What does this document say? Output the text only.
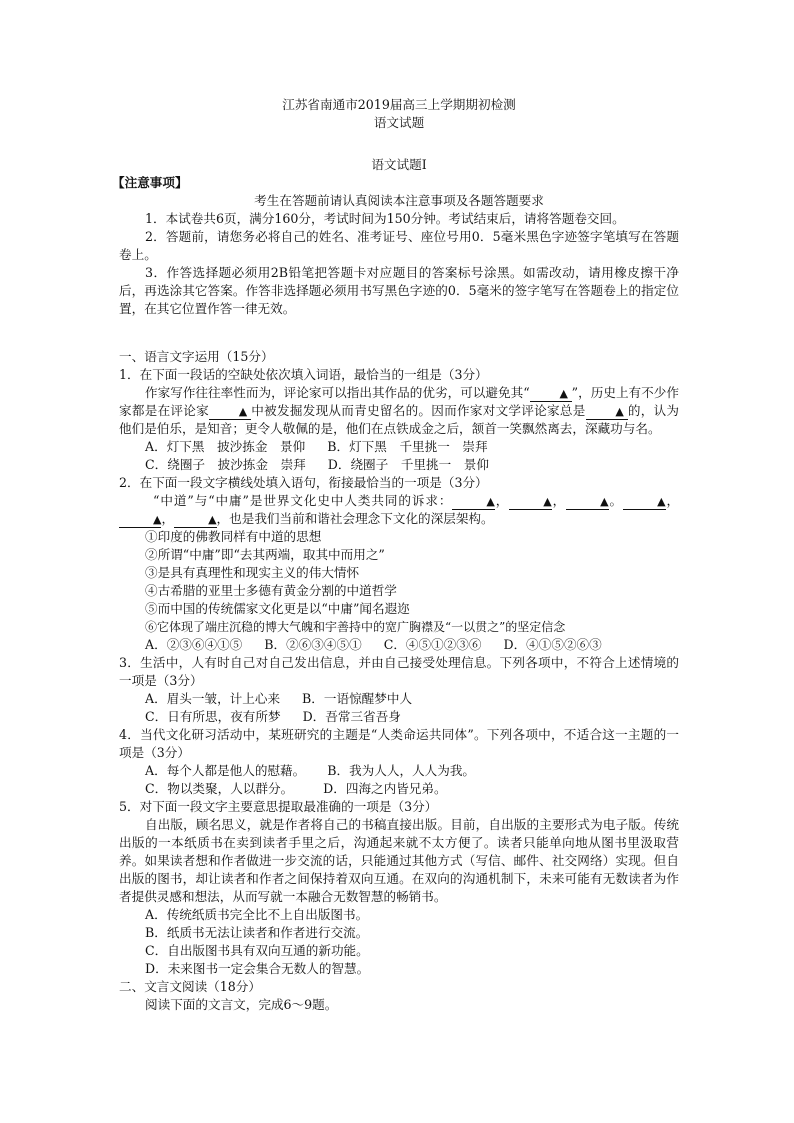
江苏省南通市2019届高三上学期期初检测
语文试题
语文试题Ⅰ
【注意事项】
考生在答题前请认真阅读本注意事项及各题答题要求
1．本试卷共6页，满分160分，考试时间为150分钟。考试结束后，请将答题卷交回。
2．答题前，请您务必将自己的姓名、准考证号、座位号用0．5毫米黑色字迹签字笔填写在答题卷上。
3．作答选择题必须用2B铅笔把答题卡对应题目的答案标号涂黑。如需改动，请用橡皮擦干净后，再选涂其它答案。作答非选择题必须用书写黑色字迹的0．5毫米的签字笔写在答题卷上的指定位置，在其它位置作答一律无效。
一、语言文字运用（15分）
1．在下面一段话的空缺处依次填入词语，最恰当的一组是（3分）
作家写作往往率性而为，评论家可以指出其作品的优劣，可以避免其“	▲ ”，历史上有不少作家都是在评论家	▲ 中被发掘发现从而青史留名的。因而作家对文学评论家总是	▲ 的，认为他们是伯乐，是知音；更令人敬佩的是，他们在点铁成金之后，颔首一笑飘然离去，深藏功与名。
A．灯下黑　披沙拣金　景仰 B．灯下黑　千里挑一　崇拜
C．绕圈子　披沙拣金　崇拜 D．绕圈子　千里挑一　景仰
2．在下面一段文字横线处填入语句，衔接最恰当的一项是（3分）
“中道”与“中庸”是世界文化史中人类共同的诉求：	▲，	▲，	▲。	▲，▲，	▲，也是我们当前和谐社会理念下文化的深层架构。
①印度的佛教同样有中道的思想
②所谓“中庸”即“去其两端，取其中而用之”
③是具有真理性和现实主义的伟大情怀
④古希腊的亚里士多德有黄金分割的中道哲学
⑤而中国的传统儒家文化更是以“中庸”闻名遐迩
⑥它体现了端庄沉稳的博大气魄和宇善持中的宽广胸襟及“一以贯之”的坚定信念
A．②③⑥④①⑤ B．②⑥③④⑤① C．④⑤①②③⑥ D．④①⑤②⑥③
3．生活中，人有时自己对自己发出信息，并由自己接受处理信息。下列各项中，不符合上述情境的一项是（3分）
A．眉头一皱，计上心来 B．一语惊醒梦中人
C．日有所思，夜有所梦 D．吾常三省吾身
4．当代文化研习活动中，某班研究的主题是“人类命运共同体”。下列各项中，不适合这一主题的一项是（3分）
A．每个人都是他人的慰藉。 B．我为人人，人人为我。
C．物以类聚，人以群分。 D．四海之内皆兄弟。
5．对下面一段文字主要意思提取最准确的一项是（3分）
自出版，顾名思义，就是作者将自己的书稿直接出版。目前，自出版的主要形式为电子版。传统出版的一本纸质书在卖到读者手里之后，沟通起来就不太方便了。读者只能单向地从图书里汲取营养。如果读者想和作者做进一步交流的话，只能通过其他方式（写信、邮件、社交网络）实现。但自出版的图书，却让读者和作者之间保持着双向互通。在双向的沟通机制下，未来可能有无数读者为作者提供灵感和想法，从而写就一本融合无数智慧的畅销书。
A．传统纸质书完全比不上自出版图书。
B．纸质书无法让读者和作者进行交流。
C．自出版图书具有双向互通的新功能。
D．未来图书一定会集合无数人的智慧。
二、文言文阅读（18分）
阅读下面的文言文，完成6～9题。
